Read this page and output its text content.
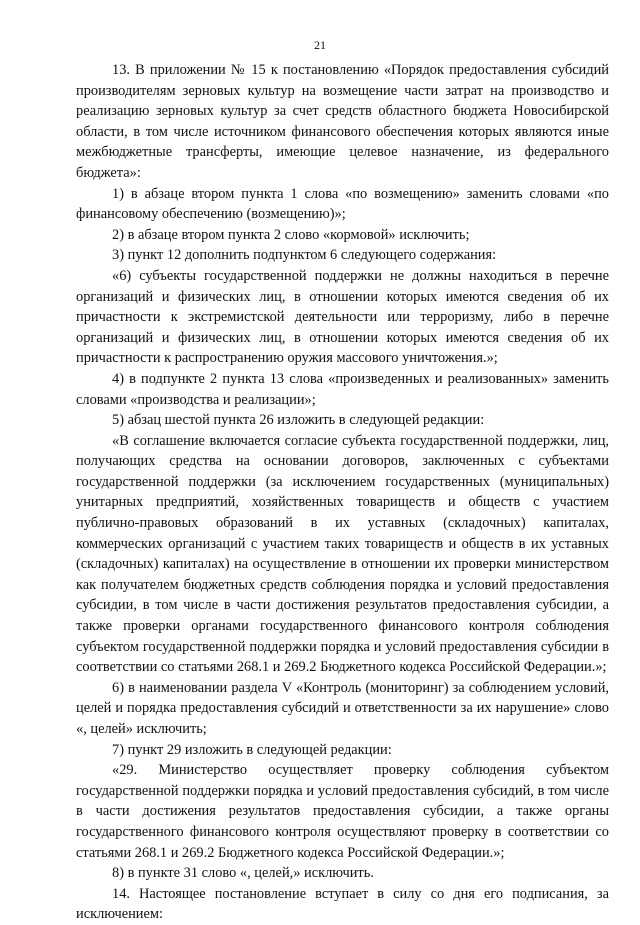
21

13. В приложении № 15 к постановлению «Порядок предоставления субсидий производителям зерновых культур на возмещение части затрат на производство и реализацию зерновых культур за счет средств областного бюджета Новосибирской области, в том числе источником финансового обеспечения которых являются иные межбюджетные трансферты, имеющие целевое назначение, из федерального бюджета»:

1) в абзаце втором пункта 1 слова «по возмещению» заменить словами «по финансовому обеспечению (возмещению)»;

2) в абзаце втором пункта 2 слово «кормовой» исключить;

3) пункт 12 дополнить подпунктом 6 следующего содержания:

«6) субъекты государственной поддержки не должны находиться в перечне организаций и физических лиц, в отношении которых имеются сведения об их причастности к экстремистской деятельности или терроризму, либо в перечне организаций и физических лиц, в отношении которых имеются сведения об их причастности к распространению оружия массового уничтожения.»;

4) в подпункте 2 пункта 13 слова «произведенных и реализованных» заменить словами «производства и реализации»;

5) абзац шестой пункта 26 изложить в следующей редакции:

«В соглашение включается согласие субъекта государственной поддержки, лиц, получающих средства на основании договоров, заключенных с субъектами государственной поддержки (за исключением государственных (муниципальных) унитарных предприятий, хозяйственных товариществ и обществ с участием публично-правовых образований в их уставных (складочных) капиталах, коммерческих организаций с участием таких товариществ и обществ в их уставных (складочных) капиталах) на осуществление в отношении их проверки министерством как получателем бюджетных средств соблюдения порядка и условий предоставления субсидии, в том числе в части достижения результатов предоставления субсидии, а также проверки органами государственного финансового контроля соблюдения субъектом государственной поддержки порядка и условий предоставления субсидии в соответствии со статьями 268.1 и 269.2 Бюджетного кодекса Российской Федерации.»;

6) в наименовании раздела V «Контроль (мониторинг) за соблюдением условий, целей и порядка предоставления субсидий и ответственности за их нарушение» слово «, целей» исключить;

7) пункт 29 изложить в следующей редакции:

«29. Министерство осуществляет проверку соблюдения субъектом государственной поддержки порядка и условий предоставления субсидий, в том числе в части достижения результатов предоставления субсидии, а также органы государственного финансового контроля осуществляют проверку в соответствии со статьями 268.1 и 269.2 Бюджетного кодекса Российской Федерации.»;

8) в пункте 31 слово «, целей,» исключить.

14. Настоящее постановление вступает в силу со дня его подписания, за исключением:
